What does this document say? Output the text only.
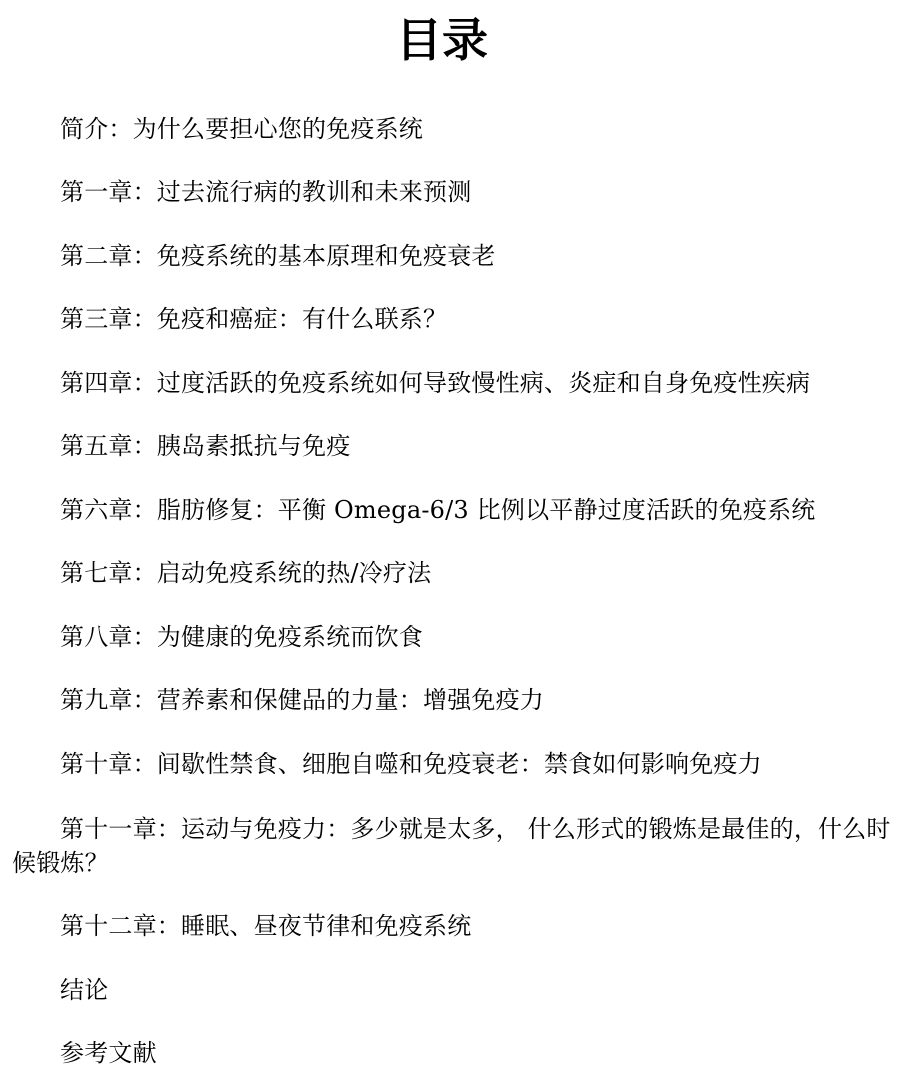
目录
简介：为什么要担心您的免疫系统
第一章：过去流行病的教训和未来预测
第二章：免疫系统的基本原理和免疫衰老
第三章：免疫和癌症：有什么联系？
第四章：过度活跃的免疫系统如何导致慢性病、炎症和自身免疫性疾病
第五章：胰岛素抵抗与免疫
第六章：脂肪修复：平衡 Omega-6/3 比例以平静过度活跃的免疫系统
第七章：启动免疫系统的热/冷疗法
第八章：为健康的免疫系统而饮食
第九章：营养素和保健品的力量：增强免疫力
第十章：间歇性禁食、细胞自噬和免疫衰老：禁食如何影响免疫力
第十一章：运动与免疫力：多少就是太多， 什么形式的锻炼是最佳的，什么时候锻炼？
第十二章：睡眠、昼夜节律和免疫系统
结论
参考文献
